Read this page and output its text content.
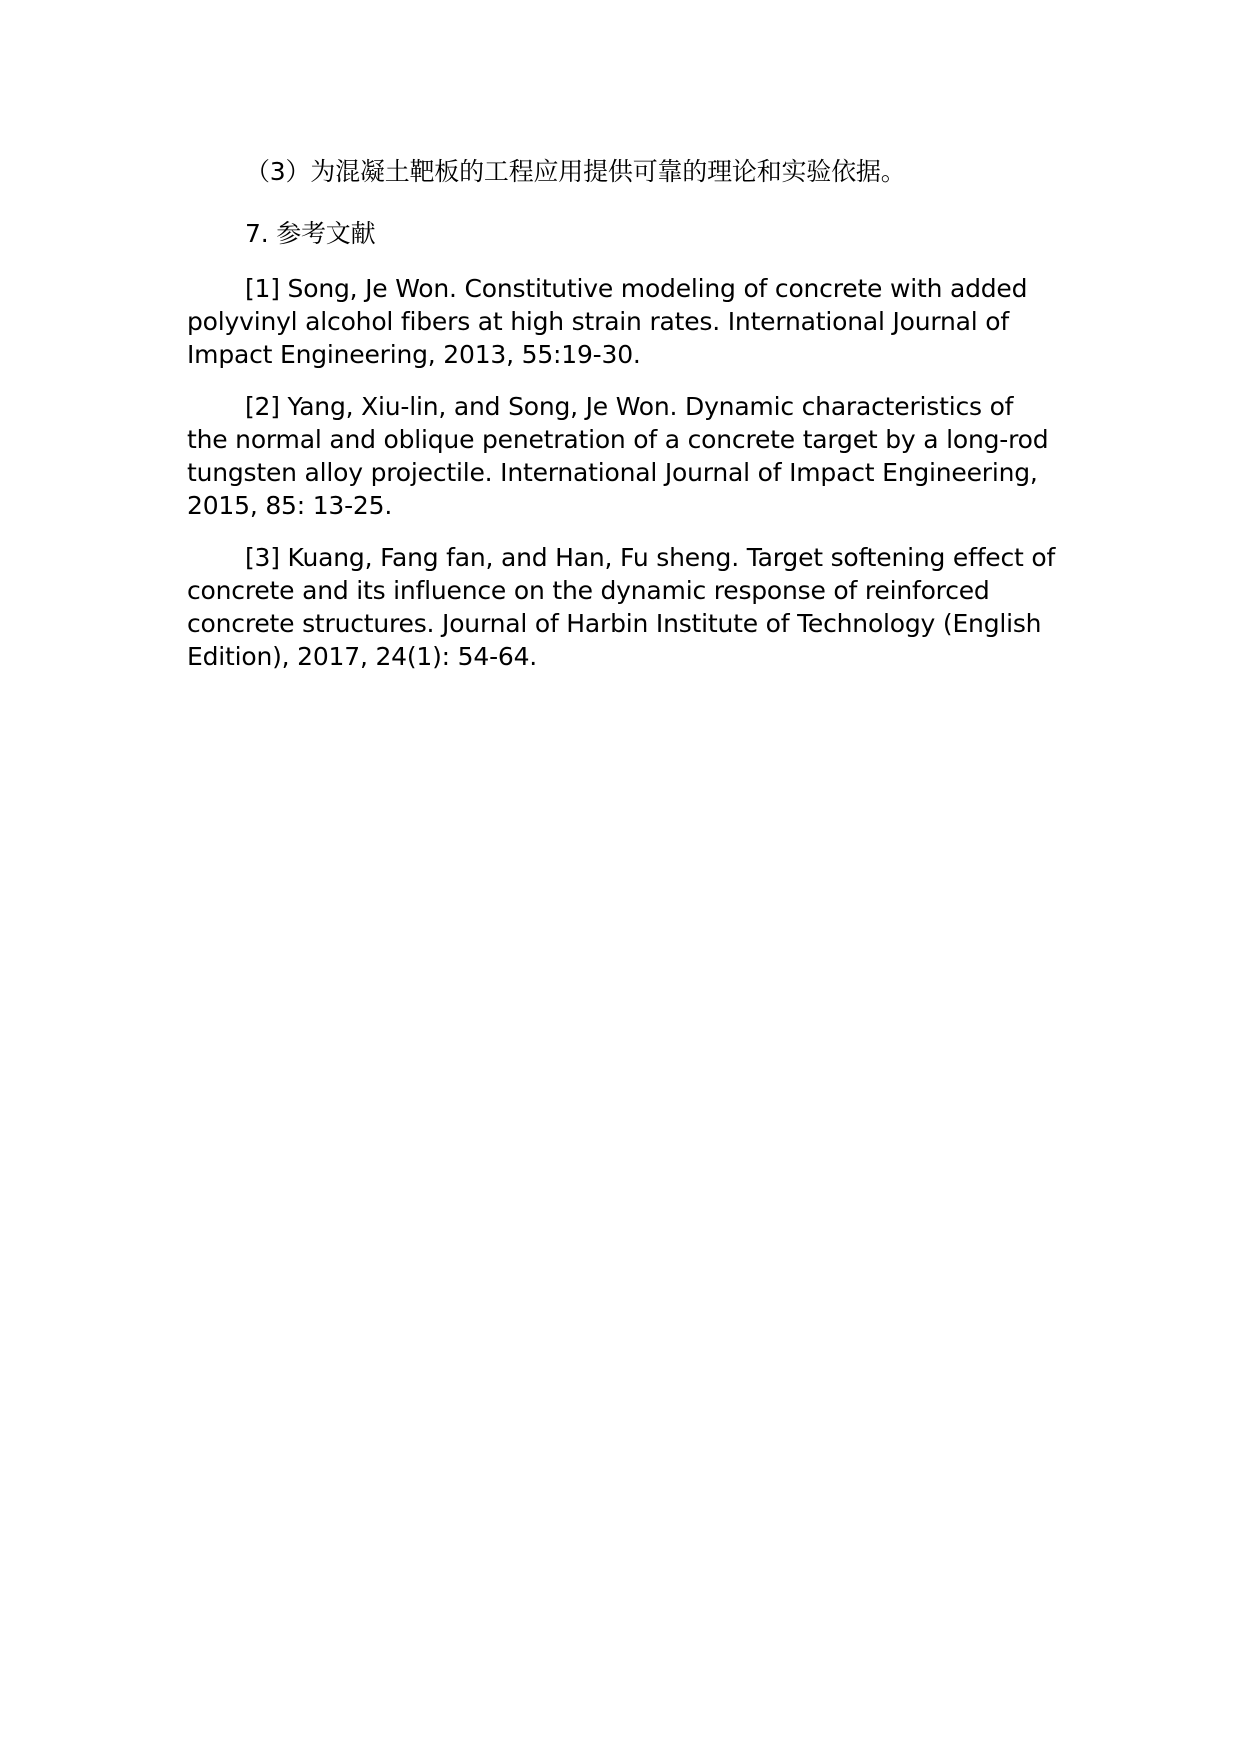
（3）为混凝土靶板的工程应用提供可靠的理论和实验依据。

7. 参考文献

[1] Song, Je Won. Constitutive modeling of concrete with added polyvinyl alcohol fibers at high strain rates. International Journal of Impact Engineering, 2013, 55:19-30.

[2] Yang, Xiu-lin, and Song, Je Won. Dynamic characteristics of the normal and oblique penetration of a concrete target by a long-rod tungsten alloy projectile. International Journal of Impact Engineering, 2015, 85: 13-25.

[3] Kuang, Fang fan, and Han, Fu sheng. Target softening effect of concrete and its influence on the dynamic response of reinforced concrete structures. Journal of Harbin Institute of Technology (English Edition), 2017, 24(1): 54-64.
